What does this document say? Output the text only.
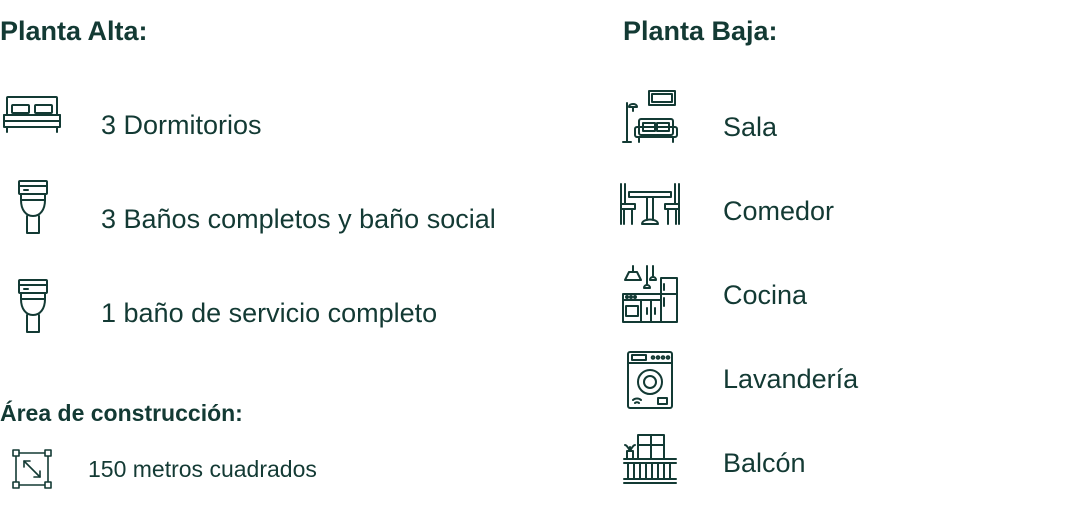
Planta Alta:
3 Dormitorios
3 Baños completos y baño social
1 baño de servicio completo
Área de construcción:
150 metros cuadrados
Planta Baja:
Sala
Comedor
Cocina
Lavandería
Balcón
